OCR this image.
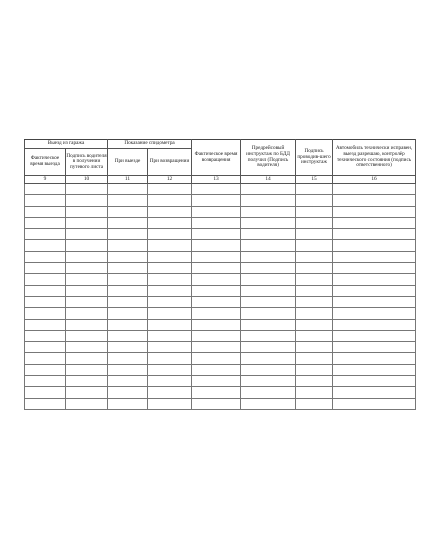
Выезд из гаража		Показание спидометра		Фактическое время возвращения	Предрейсовый инструктаж по БДД получил (Подпись водителя)	Подпись проводив-шего инструктаж	Автомобиль технически исправен, выезд разрешаю, контролёр технического состояния (подпись ответственного)
Фактическое время выезда	Подпись водителя в получении путевого листа	При выезде	При возвращении				
9	10	11	12	13	14	15	16
